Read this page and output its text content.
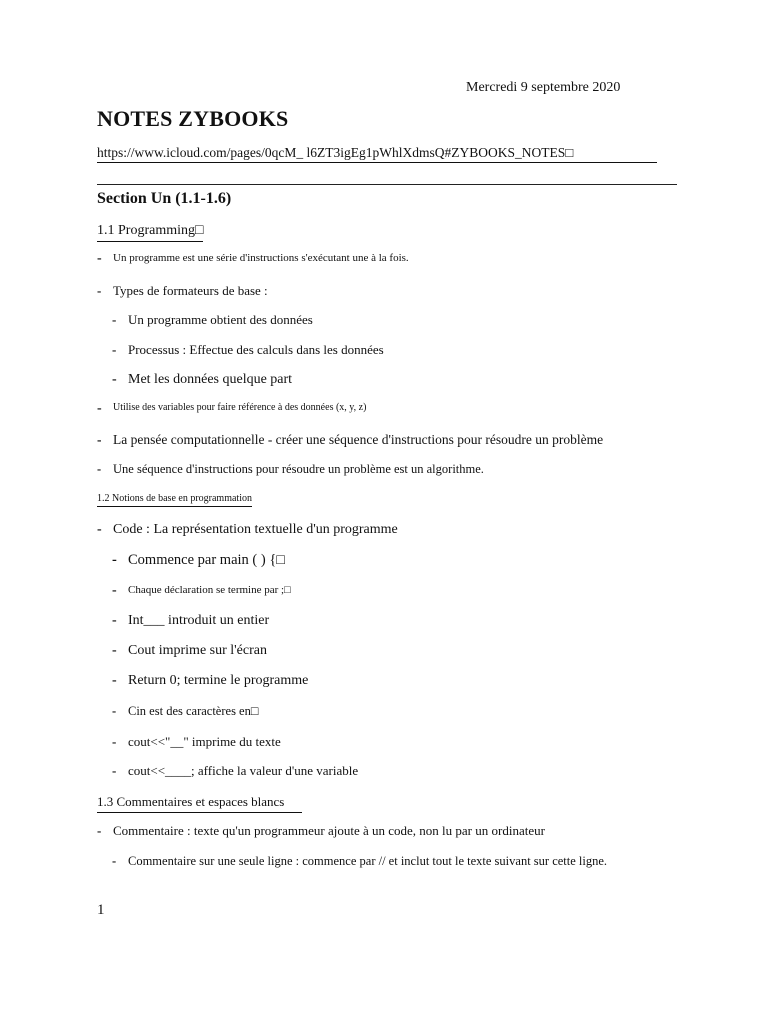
Mercredi 9 septembre 2020
NOTES ZYBOOKS
https://www.icloud.com/pages/0qcM_ l6ZT3igEg1pWhlXdmsQ#ZYBOOKS_NOTES□
Section Un (1.1-1.6)
1.1 Programming□
- Un programme est une série d'instructions s'exécutant une à la fois.
- Types de formateurs de base :
- Un programme obtient des données
- Processus : Effectue des calculs dans les données
- Met les données quelque part
- Utilise des variables pour faire référence à des données (x, y, z)
- La pensée computationnelle - créer une séquence d'instructions pour résoudre un problème
- Une séquence d'instructions pour résoudre un problème est un algorithme.
1.2 Notions de base en programmation
- Code : La représentation textuelle d'un programme
- Commence par main ( ) {□
- Chaque déclaration se termine par ;□
- Int___ introduit un entier
- Cout imprime sur l'écran
- Return 0; termine le programme
- Cin est des caractères en□
- cout<<"__" imprime du texte
- cout<<____; affiche la valeur d'une variable
1.3 Commentaires et espaces blancs
- Commentaire : texte qu'un programmeur ajoute à un code, non lu par un ordinateur
- Commentaire sur une seule ligne : commence par // et inclut tout le texte suivant sur cette ligne.
1
